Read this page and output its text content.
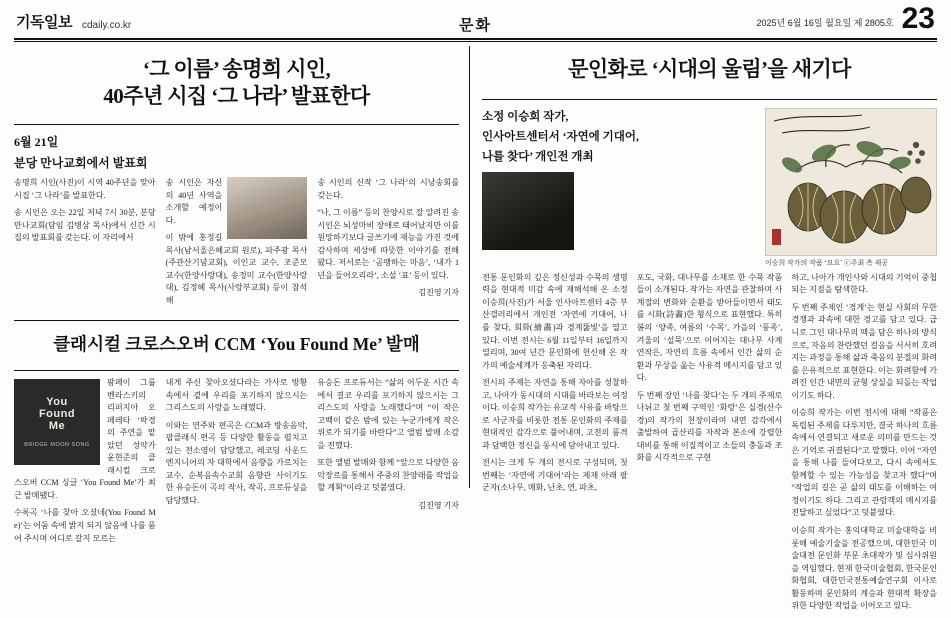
기독일보 cdaily.co.kr	문화	2025년 6월 16일 월요일 제 2805호 23
‘그 이름’ 송명희 시인,
40주년 시집 ‘그 나라’ 발표한다
6월 21일
분당 만나교회에서 발표회

송명희 시인(사진)이 시역 40주년을 맞아 시집 ‘그 나라’를 발표한다.

송 시인은 오는 22일 저녁 7시 30분, 분당 만나교회(담임 김병삼 목사)에서 신간 시집의 발표회를 갖는다. 이 자리에서

송 시인은 자신의 40년 사역을 소개할 예정이다.

이 밖에 홍정길 목사(남서울은혜교회 원로), 파주광 목사(주관산기념교회), 이인교 교수, 조준모 교수(한양사랑대), 송정미 교수(한양사랑대), 김정혜 목사(사랑부교회) 등이 참석해

송 시인의 신작 ‘그 나라’의 시낭송회를 갖는다.

“나, 그 이름” 등의 찬양시로 잘 알려진 송 시인은 뇌성마비 장애로 태어났지만 이를 원망하기보다 글쓰기에 재능을 가진 것에 감사하며 세상에 따뜻한 이야기를 전해 왔다. 저서로는 ‘곰팽하는 마음’, ‘내가 1년을 들어오리라’, 소설 ‘표’ 등이 있다.

김진영 기자
클래시컬 크로스오버 CCM ‘You Found Me’ 발매
You
Found
Me
BRIDGE MOON SONG

팜페이 그룹 벤라스키의 리퍼지아 오페레타 ‘박경의 주연을 맡았던 성악가 윤현준의 클래시컬 크로스오버 CCM 싱글 ‘You Found Me’가 최근 발매됐다.

수록곡 ‘나를 찾아 오셨네(You Found Me)’는 어둠 속에 밝지 되지 않음에 나를 품어 주시며 어디로 갈지 모르는

내게 주신 찾아오셨다라는 가사로 방황 속에서 곁에 우리를 포기하지 않으시는 그리스도의 사랑을 노래했다.

이와는 연주와 편곡은 CCM과 방송음악, 팝클래식 편곡 등 다양한 활동을 펼치고 있는 전소영이 담당했고, 레코딩 사운드 엔지니어의 자 대학에서 음향을 가르치는 교수, 순복음속수교회 음향관 사이기도 한 유승돈이 곡의 작사, 작곡, 프로듀싱을 담당했다.

유승돈 프로듀서는 “삶의 어두운 시간 속에서 결코 우리를 포기하지 않으시는 그리스도의 사랑을 노래했다”며 “이 작은 고백이 같은 밤에 있는 누군가에게 작은 위로가 되기를 바란다”고 앨범 발매 소감을 전했다.

또한 앨범 발매와 함께 “앞으로 다양한 음악장르를 통해서 주중의 찬양래를 작업을 할 계획”이라고 덧붙였다.

김진영 기자
문인화로 ‘시대의 울림’을 새기다
이승희 작가의 작품 ‘묘요’ ⓒ주최 측 제공
소정 이승희 작가,
인사아트센터서 ‘자연에 기대어,
나를 찾다’ 개인전 개최

전통 문인화의 깊은 정신성과 수묵의 생명력을 현대적 미감 속에 재해석해 온 소정 이승희(사진)가 서울 인사아트센터 4층 부산갤러리에서 개인전 ‘자연에 기대어, 나를 찾다, 회화(繪畵)과 경계뚫빛’을 열고 있다. 이번 전시는 6월 11일부터 16일까지 열리며, 30여 년간 문인화에 헌신해 온 작가의 예술세계가 응축된 자리다.

전시의 주제는 자연을 통해 자아를 성찰하고, 나아가 동시대의 시대를 바라보는 여정이다. 이승희 작가는 유교적 사유를 바탕으로 사군자를 비롯한 전통 문인화의 주제를 현대적인 감각으로 풀어내며, 고전의 품격과 담백한 정신을 동시에 담아내고 있다.

전시는 크게 두 개의 전시로 구성되며, 첫 번째는 ‘자연에 기대어’라는 제재 아래 팔군자(소나무, 매화, 난초, 연, 파초,

포도, 국화, 대나무를 소재로 한 수묵 작품들이 소개된다. 작가는 자연을 관찰하며 사계절의 변화와 순환을 받아들이면서 태도를 시화(詩畵)한 형식으로 표현했다. 특히 봄의 ‘양족, 여름의 ‘수목’, 가을의 ‘풍족’, 겨울의 ‘설묵’으로 이어지는 대나무 사계 연작은, 자연의 흐름 속에서 인간 삶의 순환과 무상을 읊는 사유적 메시지를 담고 있다.

두 번째 장인 ‘나를 찾다’는 두 개의 주제로 나뉘고 첫 번째 구역인 ‘화랑’은 실경(산수경)의 작가의 천장이라며 내면 감각에서 출발하여 곱산리를 자작과 본소에 강렬한 대비를 통해 이질적이고 소들의 충돌과 조화를 시각적으로 구현

하고, 나아가 개인사와 시대의 기억이 중첩되는 지점을 탐색한다.

두 번째 주제인 ‘경계’는 현실 사회의 무한 경쟁과 과속에 대한 경고를 담고 있다. 급니로 그인 대나무의 맥을 담은 하나의 방식으로, 자음의 찬란했던 걸음을 서서히 호려지는 과정을 통해 삶과 죽음의 분절의 화려를 은유적으로 표현한다. 이는 화려함에 가려진 인간 내면의 균형 상실을 되돌는 작업이기도 하다.

이승희 작가는 이번 전시에 대해 “작품은 독립된 주제를 다루지만, 결국 하나의 흐름 속에서 연결되고 새로운 의미를 만드는 것은 기억로 귀결된다”고 말했다. 이어 “자연을 통해 나를 들여다보고, 다시 속에서도 함께할 수 있는 가능성을 찾고자 했다”며 “작업의 길은 곧 삶의 태도를 이해하는 여정이기도 하다. 그리고 관람객의 메시지를 전달하고 싶었다”고 덧붙였다.

이승희 작가는 홍익대학교 미술대학을 비롯해 예술기술을 전공했으며, 대한민국 미술대전 문인화 부문 초대작가 및 심사위원을 역임했다. 현재 한국미술협회, 한국문인화협회, 대한민국전통예술연구회 이사로 활동하며 문인화의 계승과 현대적 확장을 위한 다양한 작업을 이어오고 있다.
